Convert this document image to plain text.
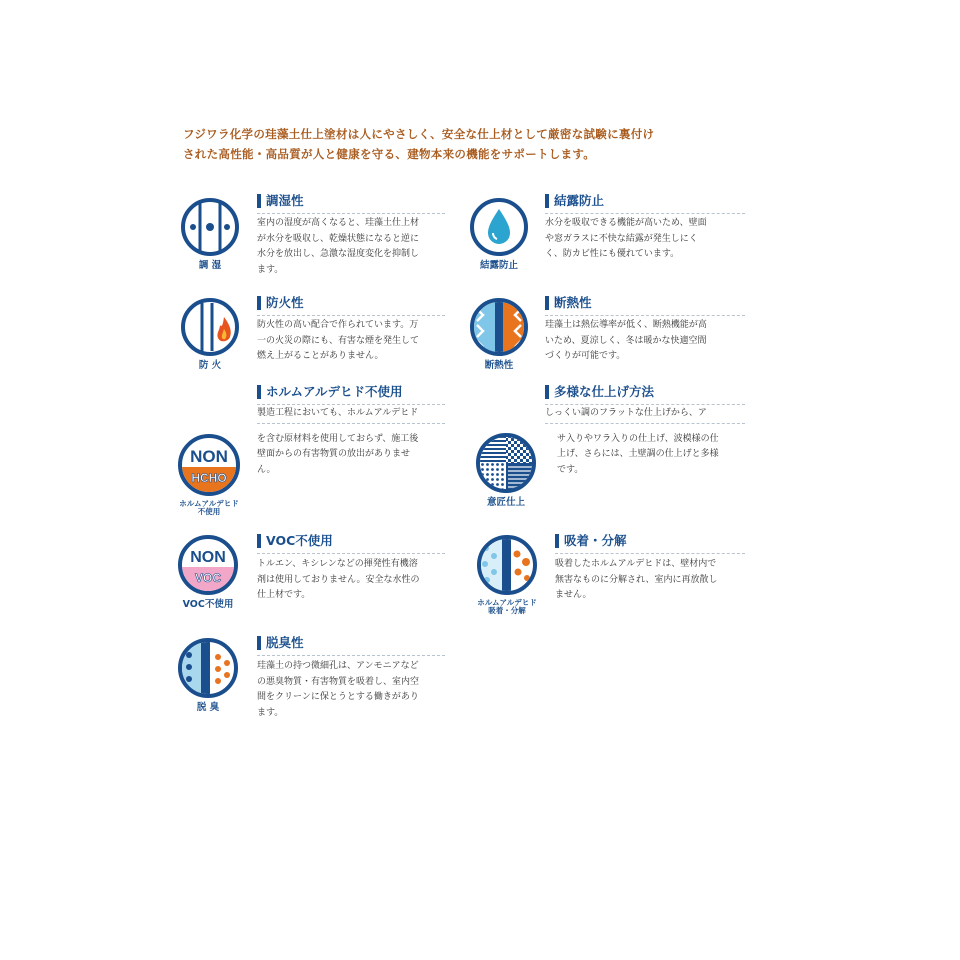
フジワラ化学の珪藻土仕上塗材は人にやさしく、安全な仕上材として厳密な試験に裏付け
された高性能・高品質が人と健康を守る、建物本来の機能をサポートします。
調 湿
調湿性
室内の湿度が高くなると、珪藻土仕上材
が水分を吸収し、乾燥状態になると逆に
水分を放出し、急激な湿度変化を抑制し
ます。	結露防止
結露防止
水分を吸収できる機能が高いため、壁面
や窓ガラスに不快な結露が発生しにく
く、防カビ性にも優れています。
防 火
防火性
防火性の高い配合で作られています。万
一の火災の際にも、有害な煙を発生して
燃え上がることがありません。
断熱性
断熱性
珪藻土は熱伝導率が低く、断熱機能が高
いため、夏涼しく、冬は暖かな快適空間
づくりが可能です。
NON
HCHO
ホルムアルデヒド
不使用
ホルムアルデヒド不使用
製造工程においても、ホルムアルデヒド
を含む原材料を使用しておらず、施工後
壁面からの有害物質の放出がありませ
ん。
意匠仕上
多様な仕上げ方法
しっくい調のフラットな仕上げから、ア
サ入りやワラ入りの仕上げ、波模様の仕
上げ、さらには、土壁調の仕上げと多様
です。
NON
VOC
VOC不使用
VOC不使用
トルエン、キシレンなどの揮発性有機溶
剤は使用しておりません。安全な水性の
仕上材です。
ホルムアルデヒド
吸着・分解
吸着・分解
吸着したホルムアルデヒドは、壁材内で
無害なものに分解され、室内に再放散し
ません。
脱 臭
脱臭性
珪藻土の持つ微細孔は、アンモニアなど
の悪臭物質・有害物質を吸着し、室内空
間をクリーンに保とうとする働きがあり
ます。
